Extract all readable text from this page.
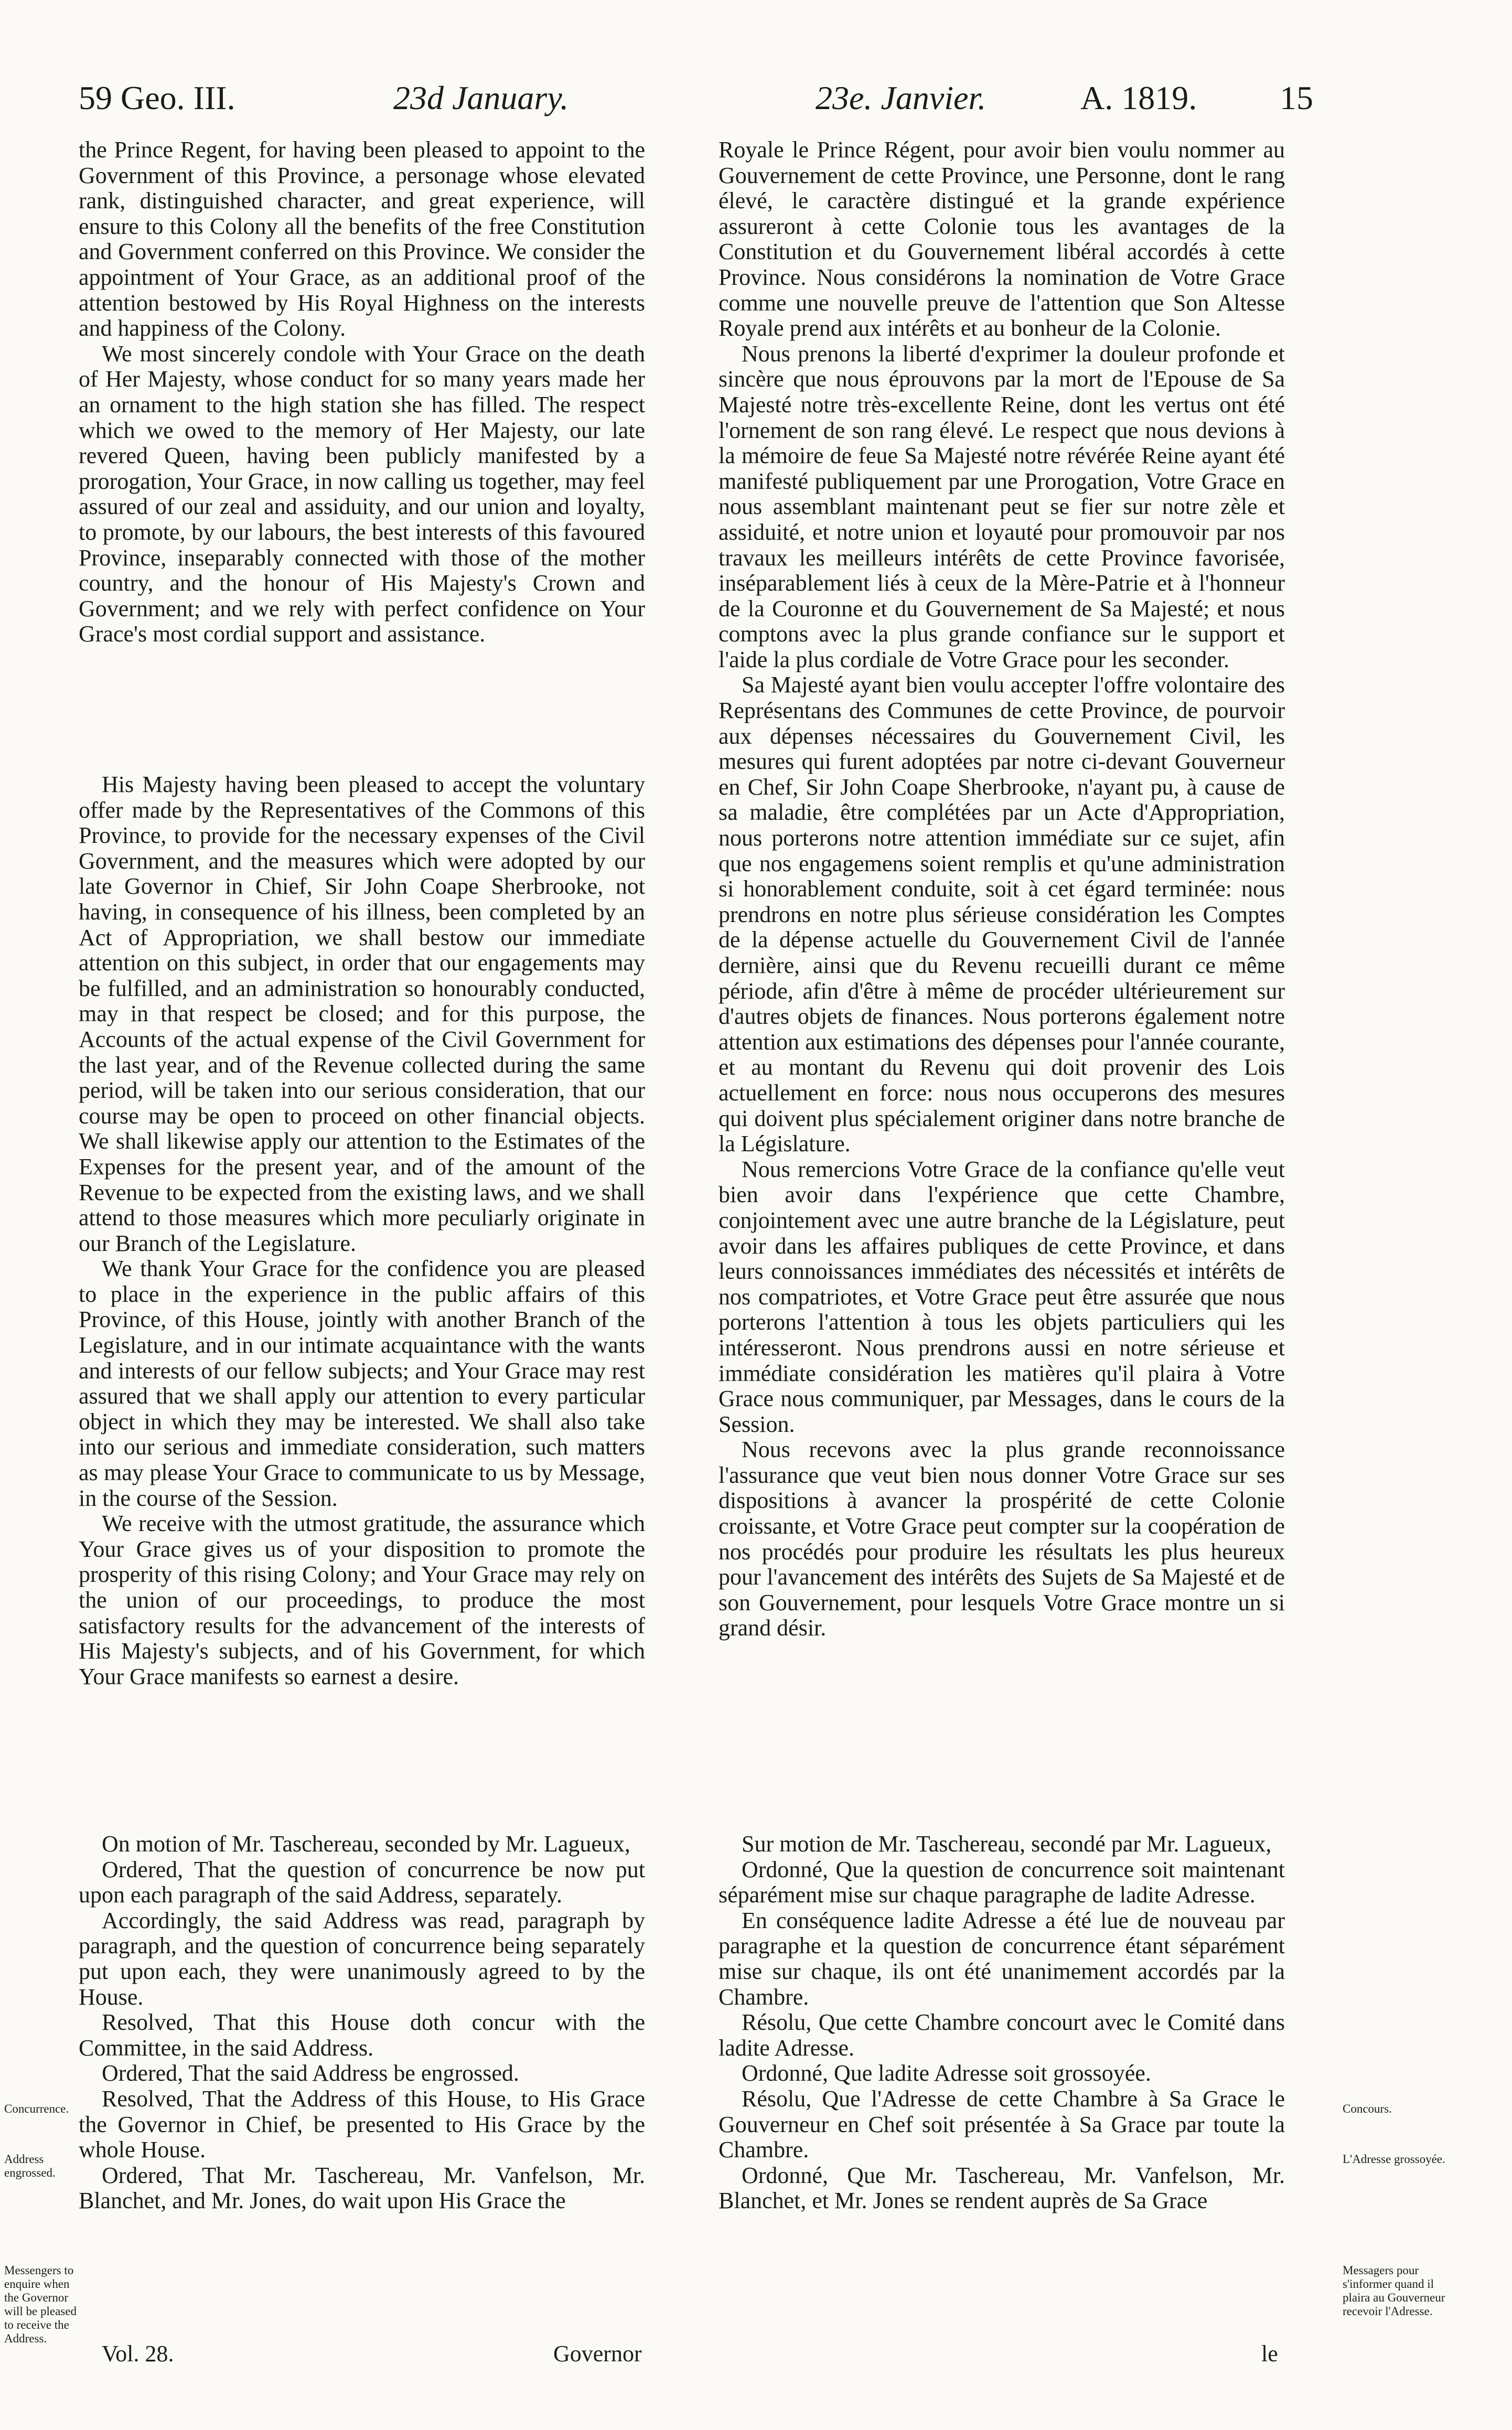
59 Geo. III.	23d January.	23e. Janvier.	A. 1819. 15

the Prince Regent, for having been pleased to appoint to the Government of this Province, a personage whose elevated rank, distinguished character, and great experience, will ensure to this Colony all the benefits of the free Constitution and Government conferred on this Province. We consider the appointment of Your Grace, as an additional proof of the attention bestowed by His Royal Highness on the interests and happiness of the Colony.

We most sincerely condole with Your Grace on the death of Her Majesty, whose conduct for so many years made her an ornament to the high station she has filled. The respect which we owed to the memory of Her Majesty, our late revered Queen, having been publicly manifested by a prorogation, Your Grace, in now calling us together, may feel assured of our zeal and assiduity, and our union and loyalty, to promote, by our labours, the best interests of this favoured Province, inseparably connected with those of the mother country, and the honour of His Majesty's Crown and Government; and we rely with perfect confidence on Your Grace's most cordial support and assistance.

His Majesty having been pleased to accept the voluntary offer made by the Representatives of the Commons of this Province, to provide for the necessary expenses of the Civil Government, and the measures which were adopted by our late Governor in Chief, Sir John Coape Sherbrooke, not having, in consequence of his illness, been completed by an Act of Appropriation, we shall bestow our immediate attention on this subject, in order that our engagements may be fulfilled, and an administration so honourably conducted, may in that respect be closed; and for this purpose, the Accounts of the actual expense of the Civil Government for the last year, and of the Revenue collected during the same period, will be taken into our serious consideration, that our course may be open to proceed on other financial objects. We shall likewise apply our attention to the Estimates of the Expenses for the present year, and of the amount of the Revenue to be expected from the existing laws, and we shall attend to those measures which more peculiarly originate in our Branch of the Legislature.

We thank Your Grace for the confidence you are pleased to place in the experience in the public affairs of this Province, of this House, jointly with another Branch of the Legislature, and in our intimate acquaintance with the wants and interests of our fellow subjects; and Your Grace may rest assured that we shall apply our attention to every particular object in which they may be interested. We shall also take into our serious and immediate consideration, such matters as may please Your Grace to communicate to us by Message, in the course of the Session.

We receive with the utmost gratitude, the assurance which Your Grace gives us of your disposition to promote the prosperity of this rising Colony; and Your Grace may rely on the union of our proceedings, to produce the most satisfactory results for the advancement of the interests of His Majesty's subjects, and of his Government, for which Your Grace manifests so earnest a desire.

On motion of Mr. Taschereau, seconded by Mr. Lagueux,

Ordered, That the question of concurrence be now put upon each paragraph of the said Address, separately.

Accordingly, the said Address was read, paragraph by paragraph, and the question of concurrence being separately put upon each, they were unanimously agreed to by the House.

Resolved, That this House doth concur with the Committee, in the said Address.

Ordered, That the said Address be engrossed.

Resolved, That the Address of this House, to His Grace the Governor in Chief, be presented to His Grace by the whole House.

Ordered, That Mr. Taschereau, Mr. Vanfelson, Mr. Blanchet, and Mr. Jones, do wait upon His Grace the

Royale le Prince Régent, pour avoir bien voulu nommer au Gouvernement de cette Province, une Personne, dont le rang élevé, le caractère distingué et la grande expérience assureront à cette Colonie tous les avantages de la Constitution et du Gouvernement libéral accordés à cette Province. Nous considérons la nomination de Votre Grace comme une nouvelle preuve de l'attention que Son Altesse Royale prend aux intérêts et au bonheur de la Colonie.

Nous prenons la liberté d'exprimer la douleur profonde et sincère que nous éprouvons par la mort de l'Epouse de Sa Majesté notre très-excellente Reine, dont les vertus ont été l'ornement de son rang élevé. Le respect que nous devions à la mémoire de feue Sa Majesté notre révérée Reine ayant été manifesté publiquement par une Prorogation, Votre Grace en nous assemblant maintenant peut se fier sur notre zèle et assiduité, et notre union et loyauté pour promouvoir par nos travaux les meilleurs intérêts de cette Province favorisée, inséparablement liés à ceux de la Mère-Patrie et à l'honneur de la Couronne et du Gouvernement de Sa Majesté; et nous comptons avec la plus grande confiance sur le support et l'aide la plus cordiale de Votre Grace pour les seconder.

Sa Majesté ayant bien voulu accepter l'offre volontaire des Représentans des Communes de cette Province, de pourvoir aux dépenses nécessaires du Gouvernement Civil, les mesures qui furent adoptées par notre ci-devant Gouverneur en Chef, Sir John Coape Sherbrooke, n'ayant pu, à cause de sa maladie, être complétées par un Acte d'Appropriation, nous porterons notre attention immédiate sur ce sujet, afin que nos engagemens soient remplis et qu'une administration si honorablement conduite, soit à cet égard terminée: nous prendrons en notre plus sérieuse considération les Comptes de la dépense actuelle du Gouvernement Civil de l'année dernière, ainsi que du Revenu recueilli durant ce même période, afin d'être à même de procéder ultérieurement sur d'autres objets de finances. Nous porterons également notre attention aux estimations des dépenses pour l'année courante, et au montant du Revenu qui doit provenir des Lois actuellement en force: nous nous occuperons des mesures qui doivent plus spécialement originer dans notre branche de la Législature.

Nous remercions Votre Grace de la confiance qu'elle veut bien avoir dans l'expérience que cette Chambre, conjointement avec une autre branche de la Législature, peut avoir dans les affaires publiques de cette Province, et dans leurs connoissances immédiates des nécessités et intérêts de nos compatriotes, et Votre Grace peut être assurée que nous porterons l'attention à tous les objets particuliers qui les intéresseront. Nous prendrons aussi en notre sérieuse et immédiate considération les matières qu'il plaira à Votre Grace nous communiquer, par Messages, dans le cours de la Session.

Nous recevons avec la plus grande reconnoissance l'assurance que veut bien nous donner Votre Grace sur ses dispositions à avancer la prospérité de cette Colonie croissante, et Votre Grace peut compter sur la coopération de nos procédés pour produire les résultats les plus heureux pour l'avancement des intérêts des Sujets de Sa Majesté et de son Gouvernement, pour lesquels Votre Grace montre un si grand désir.

Sur motion de Mr. Taschereau, secondé par Mr. Lagueux,

Ordonné, Que la question de concurrence soit maintenant séparément mise sur chaque paragraphe de ladite Adresse.

En conséquence ladite Adresse a été lue de nouveau par paragraphe et la question de concurrence étant séparément mise sur chaque, ils ont été unanimement accordés par la Chambre.

Résolu, Que cette Chambre concourt avec le Comité dans ladite Adresse.

Ordonné, Que ladite Adresse soit grossoyée.

Résolu, Que l'Adresse de cette Chambre à Sa Grace le Gouverneur en Chef soit présentée à Sa Grace par toute la Chambre.

Ordonné, Que Mr. Taschereau, Mr. Vanfelson, Mr. Blanchet, et Mr. Jones se rendent auprès de Sa Grace

Concurrence.
Address engrossed.
Messengers to enquire when the Governor will be pleased to receive the Address.
Concours.
L'Adresse grossoyée.
Messagers pour s'informer quand il plaira au Gouverneur recevoir l'Adresse.
Vol. 28.	Governor	le
